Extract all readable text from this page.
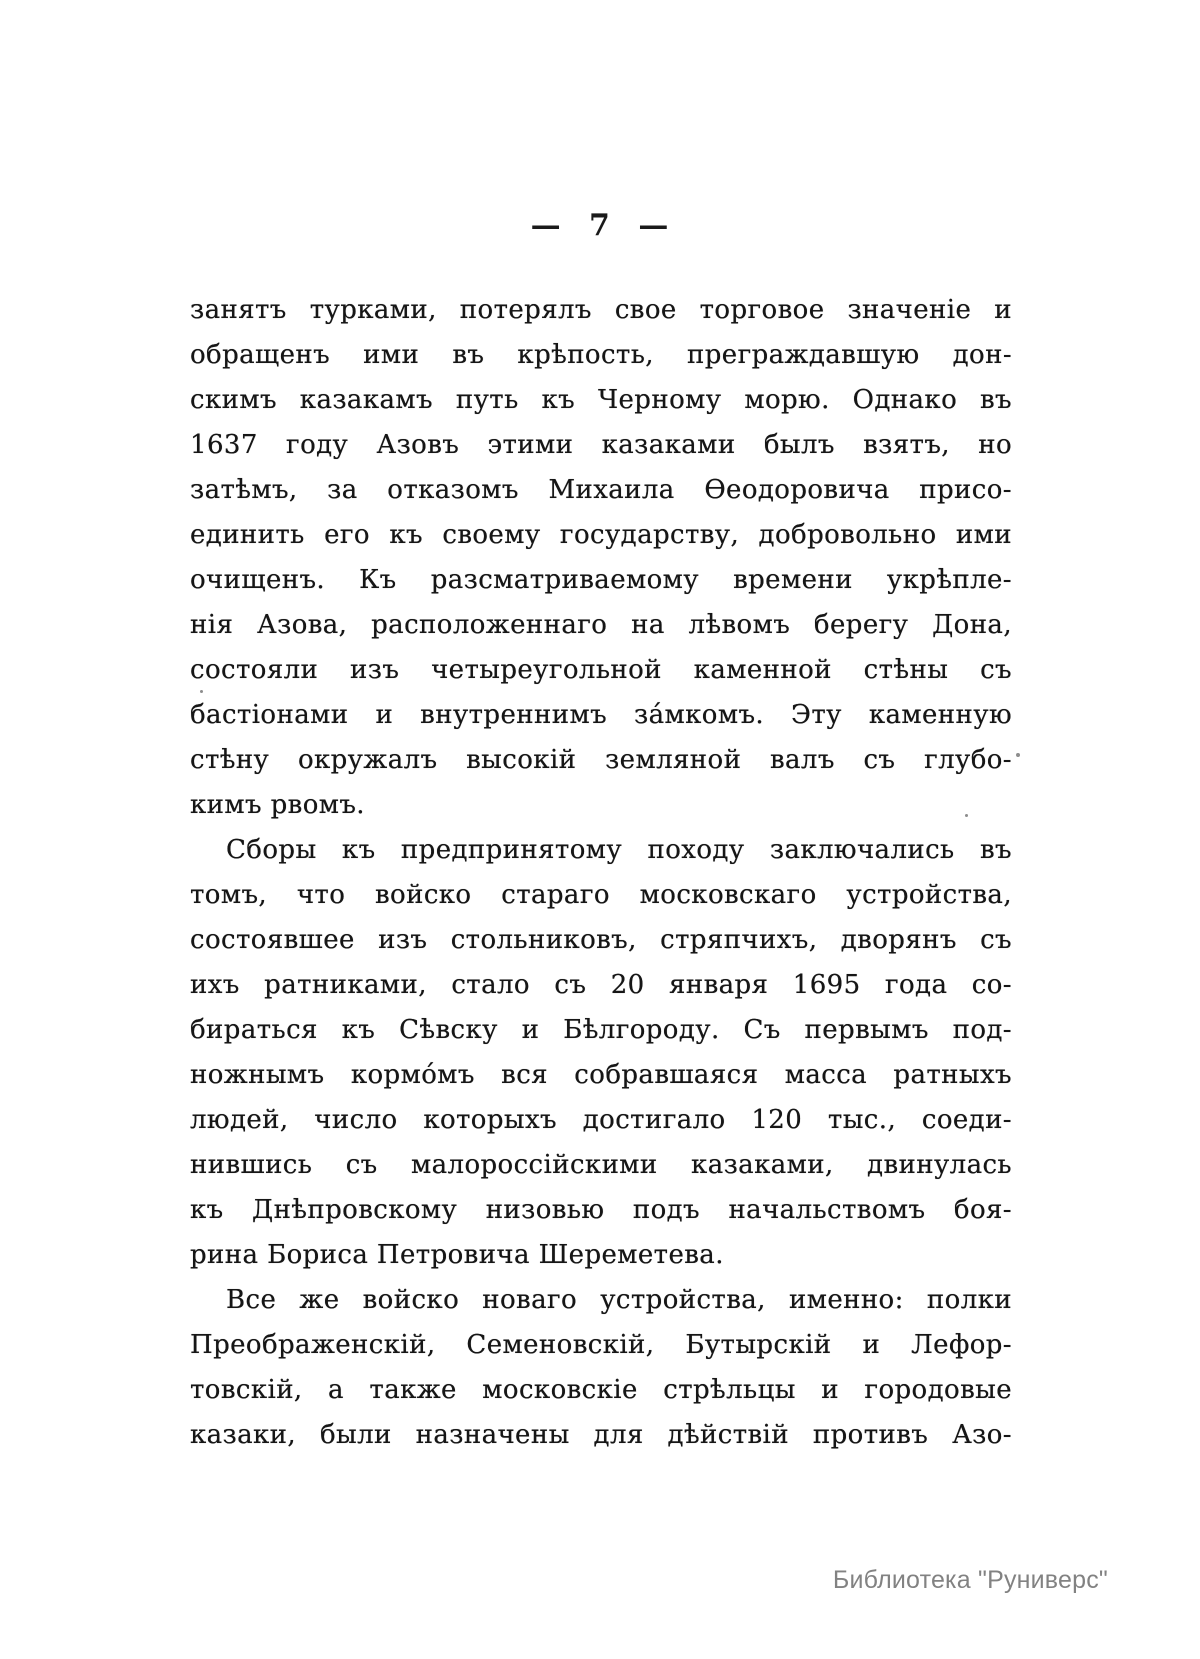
— 7 —
занятъ турками, потерялъ свое торговое значеніе и
обращенъ ими въ крѣпость, преграждавшую дон-
скимъ казакамъ путь къ Черному морю. Однако въ
1637 году Азовъ этими казаками былъ взятъ, но
затѣмъ, за отказомъ Михаила Ѳеодоровича присо-
единить его къ своему государству, добровольно ими
очищенъ. Къ разсматриваемому времени укрѣпле-
нія Азова, расположеннаго на лѣвомъ берегу Дона,
состояли изъ четыреугольной каменной стѣны съ
бастіонами и внутреннимъ за́мкомъ. Эту каменную
стѣну окружалъ высокій земляной валъ съ глубо-
кимъ рвомъ.
Сборы къ предпринятому походу заключались въ
томъ, что войско стараго московскаго устройства,
состоявшее изъ стольниковъ, стряпчихъ, дворянъ съ
ихъ ратниками, стало съ 20 января 1695 года со-
бираться къ Сѣвску и Бѣлгороду. Съ первымъ под-
ножнымъ кормо́мъ вся собравшаяся масса ратныхъ
людей, число которыхъ достигало 120 тыс., соеди-
нившись съ малороссійскими казаками, двинулась
къ Днѣпровскому низовью подъ начальствомъ боя-
рина Бориса Петровича Шереметева.
Все же войско новаго устройства, именно: полки
Преображенскій, Семеновскій, Бутырскій и Лефор-
товскій, а также московскіе стрѣльцы и городовые
казаки, были назначены для дѣйствій противъ Азо-
Библиотека "Руниверс"
